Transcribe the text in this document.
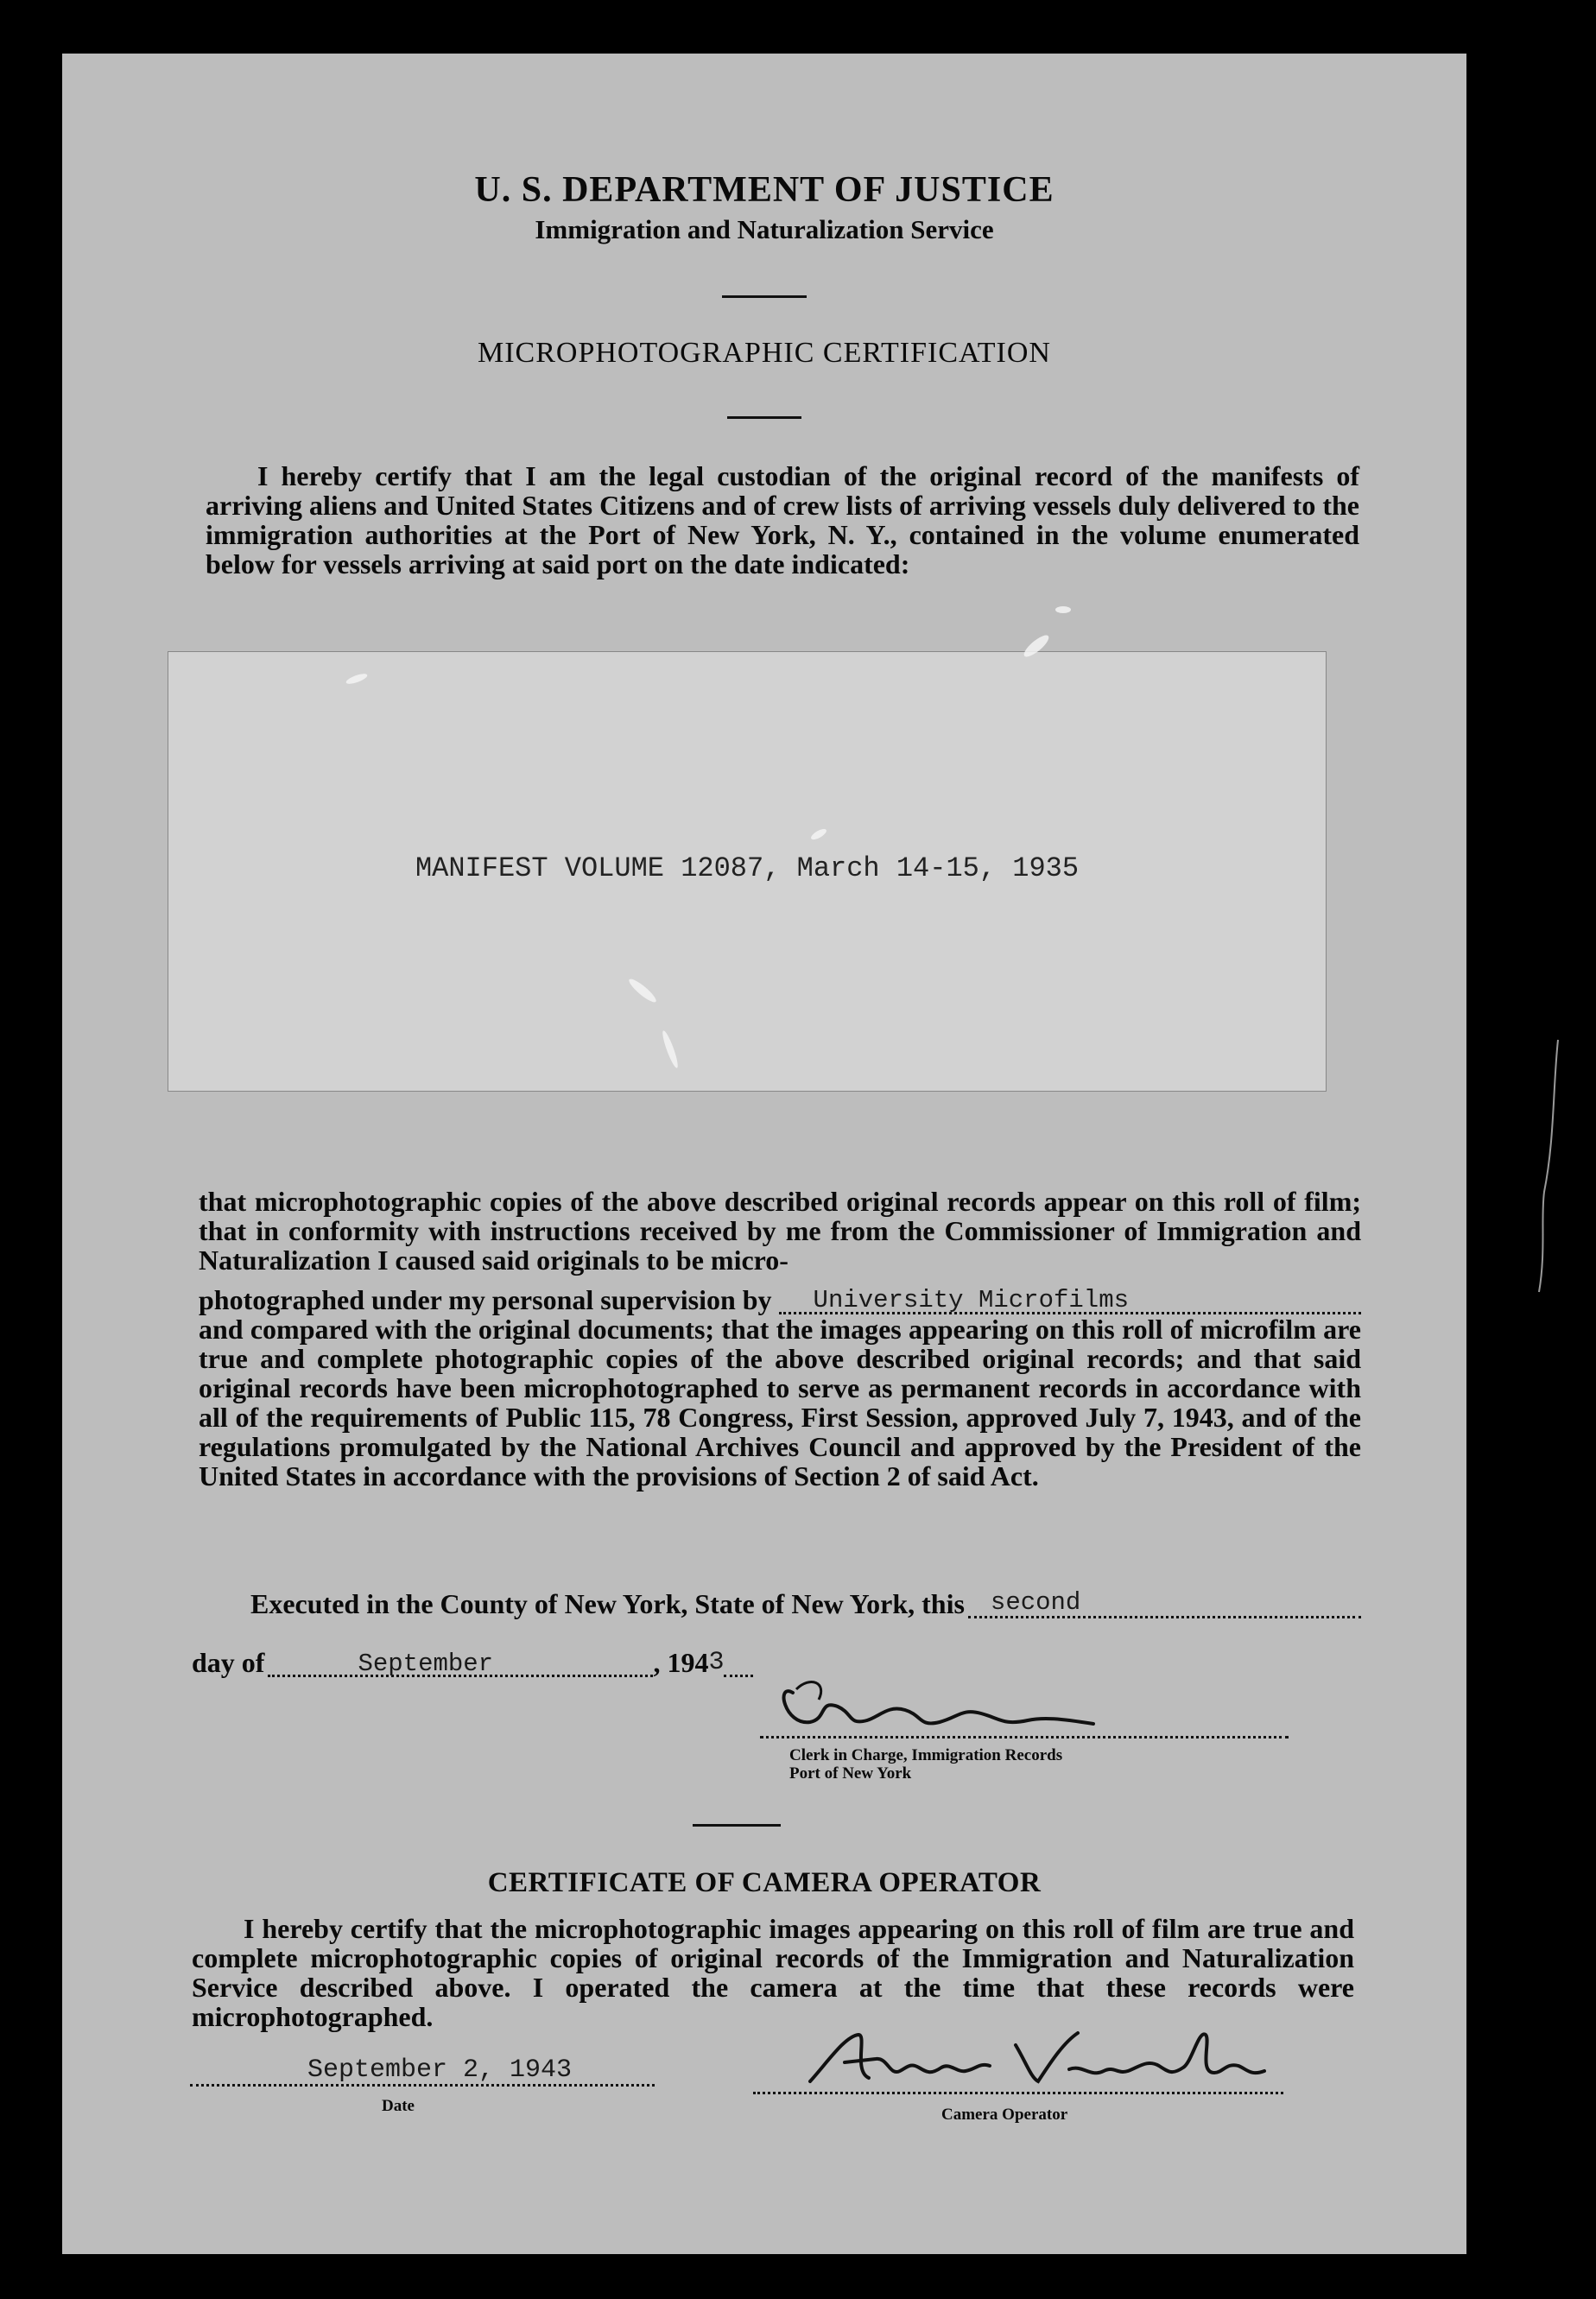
U. S. DEPARTMENT OF JUSTICE
Immigration and Naturalization Service
MICROPHOTOGRAPHIC CERTIFICATION

I hereby certify that I am the legal custodian of the original record of the manifests of arriving aliens and United States Citizens and of crew lists of arriving vessels duly delivered to the immigration authorities at the Port of New York, N. Y., contained in the volume enumerated below for vessels arriving at said port on the date indicated:

MANIFEST VOLUME 12087, March 14-15, 1935

that microphotographic copies of the above described original records appear on this roll of film; that in conformity with instructions received by me from the Commissioner of Immigration and Naturalization I caused said originals to be micro-

photographed under my personal supervision by	University Microfilms

and compared with the original documents; that the images appearing on this roll of microfilm are true and complete photographic copies of the above described original records; and that said original records have been microphotographed to serve as permanent records in accordance with all of the requirements of Public 115, 78 Congress, First Session, approved July 7, 1943, and of the regulations promulgated by the National Archives Council and approved by the President of the United States in accordance with the provisions of Section 2 of said Act.

Executed in the County of New York, State of New York, this	second
day of	September	, 194 3
Clerk in Charge, Immigration Records
Port of New York
CERTIFICATE OF CAMERA OPERATOR

I hereby certify that the microphotographic images appearing on this roll of film are true and complete microphotographic copies of original records of the Immigration and Naturalization Service described above. I operated the camera at the time that these records were microphotographed.

September 2, 1943
Date	Camera Operator
